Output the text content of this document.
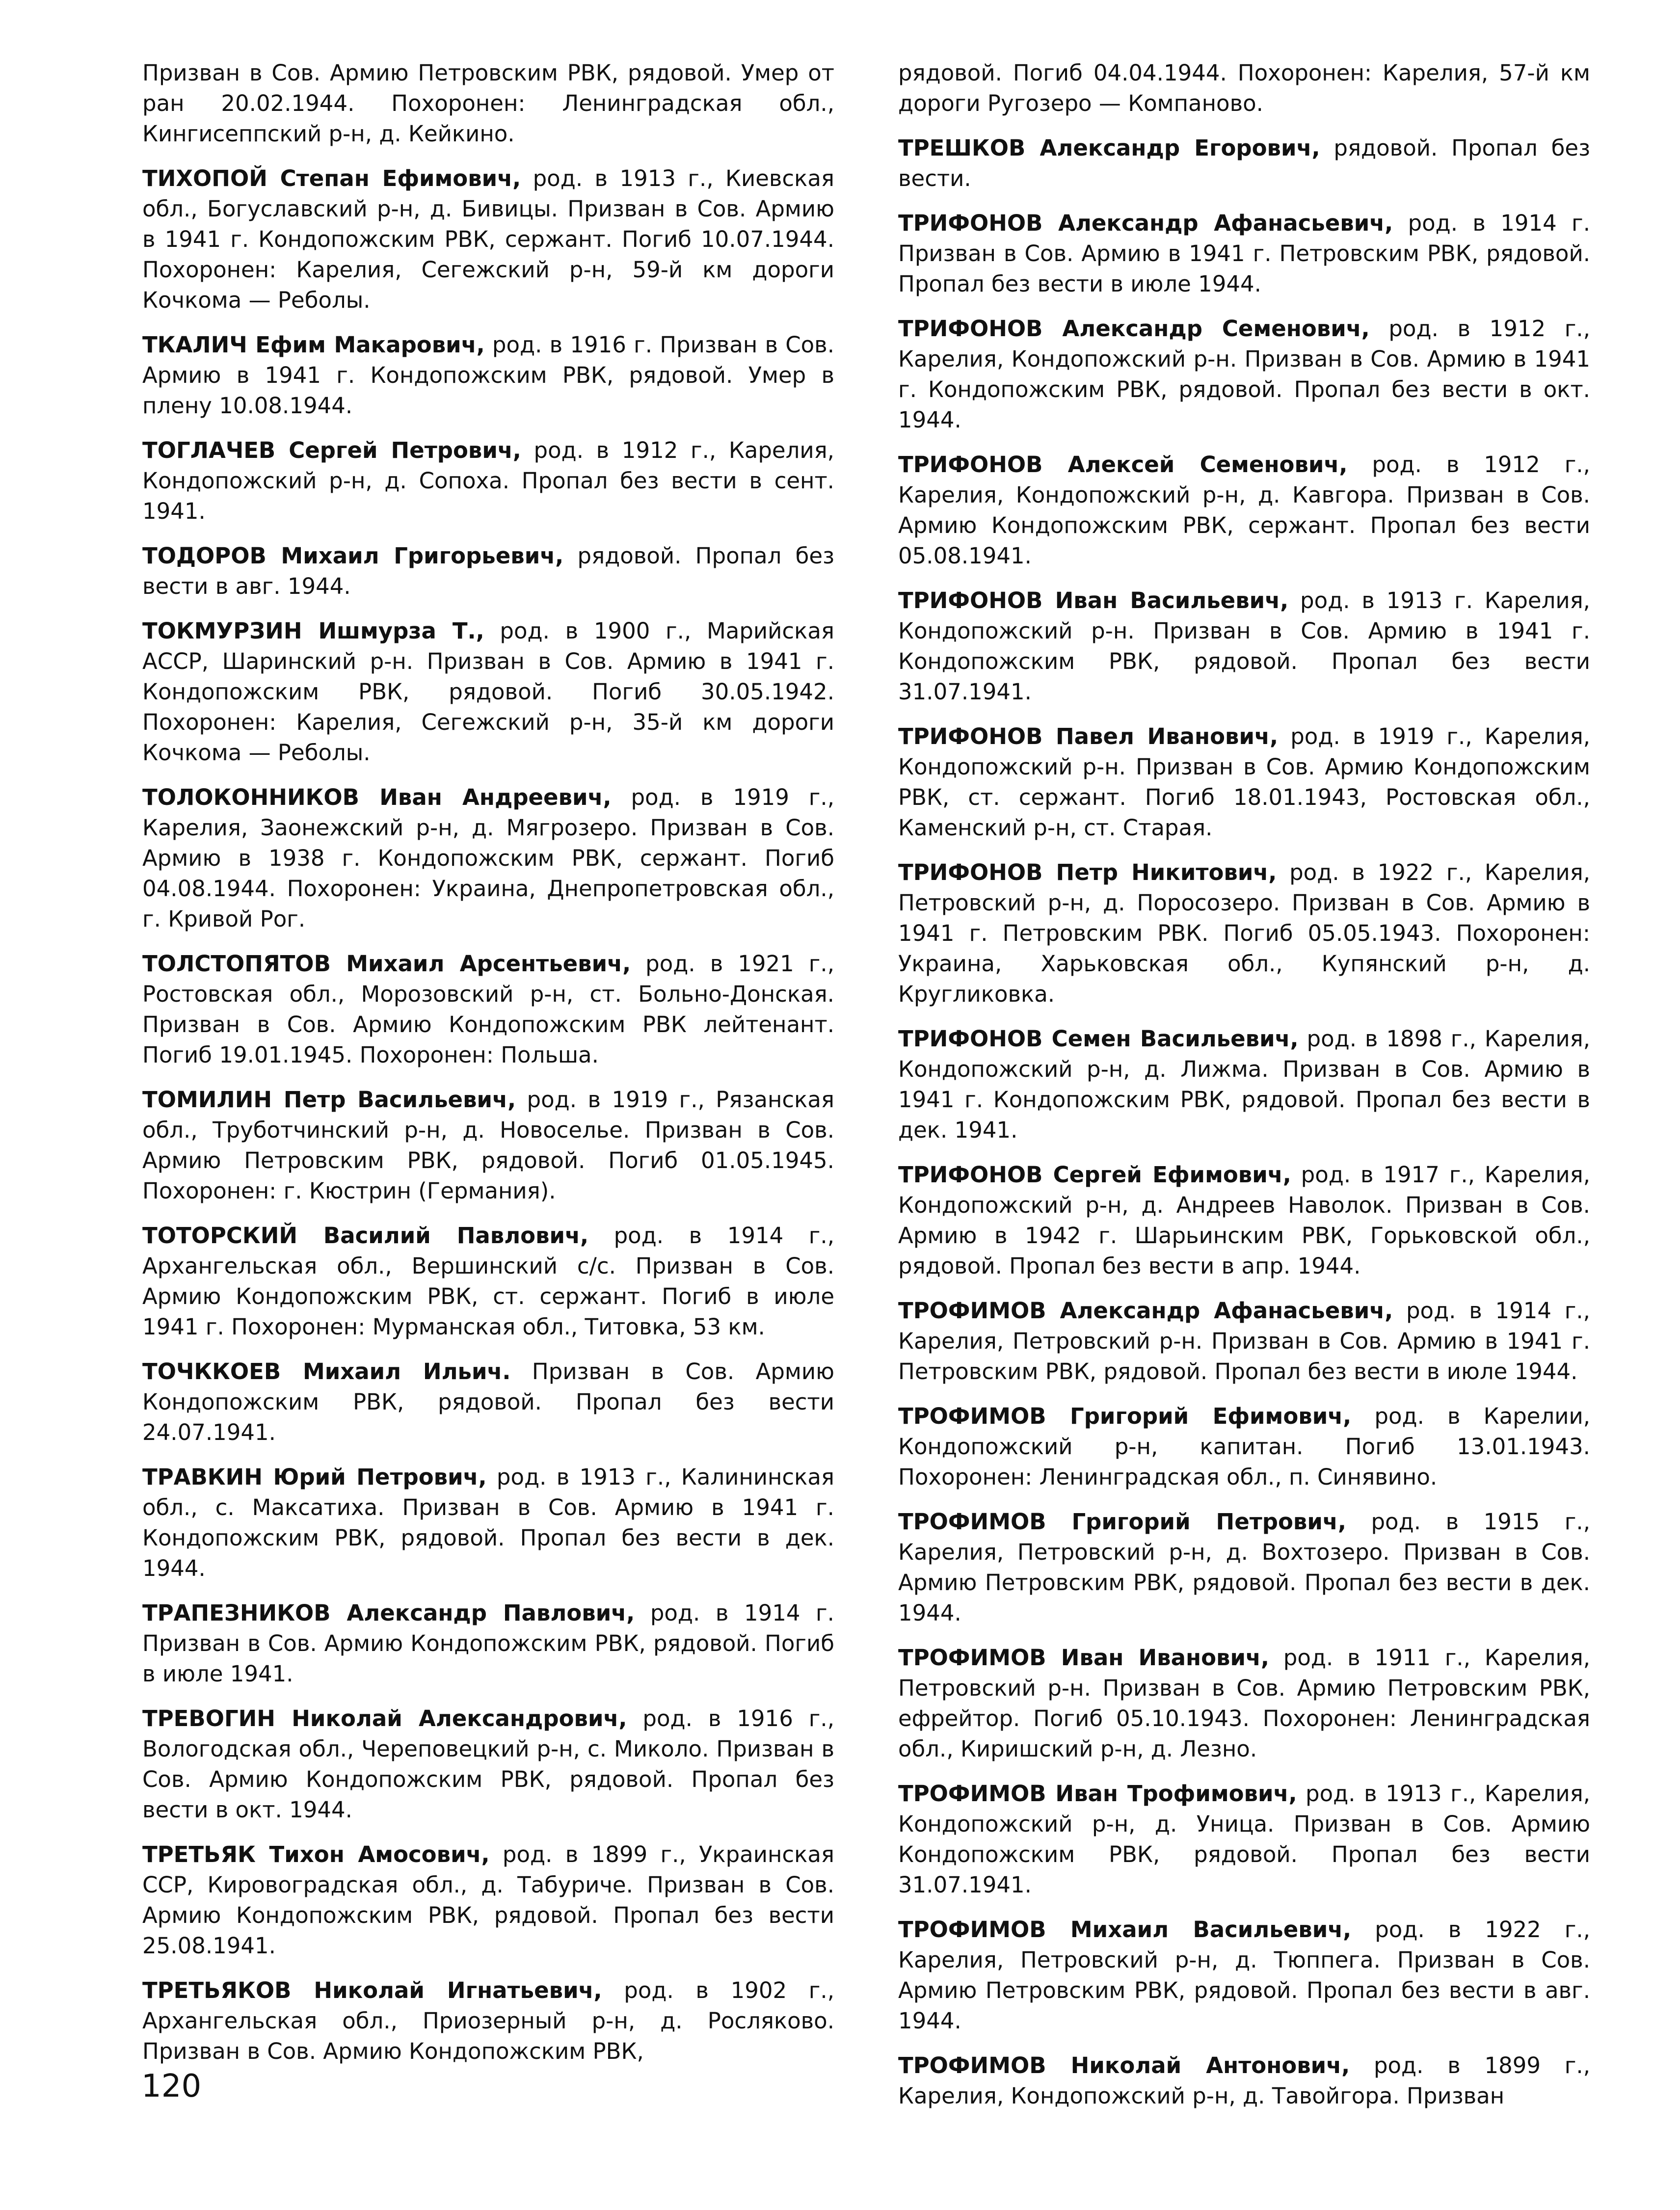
Призван в Сов. Армию Петровским РВК, рядовой. Умер от ран 20.02.1944. Похоронен: Ленинградская обл., Кингисеппский р-н, д. Кейкино.

ТИХОПОЙ Степан Ефимович, род. в 1913 г., Киевская обл., Богуславский р-н, д. Бивицы. Призван в Сов. Армию в 1941 г. Кондопожским РВК, сержант. Погиб 10.07.1944. Похоронен: Карелия, Сегежский р-н, 59-й км дороги Кочкома — Реболы.

ТКАЛИЧ Ефим Макарович, род. в 1916 г. Призван в Сов. Армию в 1941 г. Кондопожским РВК, рядовой. Умер в плену 10.08.1944.

ТОГЛАЧЕВ Сергей Петрович, род. в 1912 г., Карелия, Кондопожский р-н, д. Сопоха. Пропал без вести в сент. 1941.

ТОДОРОВ Михаил Григорьевич, рядовой. Пропал без вести в авг. 1944.

ТОКМУРЗИН Ишмурза Т., род. в 1900 г., Марийская АССР, Шаринский р-н. Призван в Сов. Армию в 1941 г. Кондопожским РВК, рядовой. Погиб 30.05.1942. Похоронен: Карелия, Сегежский р-н, 35-й км дороги Кочкома — Реболы.

ТОЛОКОННИКОВ Иван Андреевич, род. в 1919 г., Карелия, Заонежский р-н, д. Мягрозеро. Призван в Сов. Армию в 1938 г. Кондопожским РВК, сержант. Погиб 04.08.1944. Похоронен: Украина, Днепропетровская обл., г. Кривой Рог.

ТОЛСТОПЯТОВ Михаил Арсентьевич, род. в 1921 г., Ростовская обл., Морозовский р-н, ст. Больно-Донская. Призван в Сов. Армию Кондопожским РВК лейтенант. Погиб 19.01.1945. Похоронен: Польша.

ТОМИЛИН Петр Васильевич, род. в 1919 г., Рязанская обл., Труботчинский р-н, д. Новоселье. Призван в Сов. Армию Петровским РВК, рядовой. Погиб 01.05.1945. Похоронен: г. Кюстрин (Германия).

ТОТОРСКИЙ Василий Павлович, род. в 1914 г., Архангельская обл., Вершинский с/с. Призван в Сов. Армию Кондопожским РВК, ст. сержант. Погиб в июле 1941 г. Похоронен: Мурманская обл., Титовка, 53 км.

ТОЧККОЕВ Михаил Ильич. Призван в Сов. Армию Кондопожским РВК, рядовой. Пропал без вести 24.07.1941.

ТРАВКИН Юрий Петрович, род. в 1913 г., Калининская обл., с. Максатиха. Призван в Сов. Армию в 1941 г. Кондопожским РВК, рядовой. Пропал без вести в дек. 1944.

ТРАПЕЗНИКОВ Александр Павлович, род. в 1914 г. Призван в Сов. Армию Кондопожским РВК, рядовой. Погиб в июле 1941.

ТРЕВОГИН Николай Александрович, род. в 1916 г., Вологодская обл., Череповецкий р-н, с. Миколо. Призван в Сов. Армию Кондопожским РВК, рядовой. Пропал без вести в окт. 1944.

ТРЕТЬЯК Тихон Амосович, род. в 1899 г., Украинская ССР, Кировоградская обл., д. Табуриче. Призван в Сов. Армию Кондопожским РВК, рядовой. Пропал без вести 25.08.1941.

ТРЕТЬЯКОВ Николай Игнатьевич, род. в 1902 г., Архангельская обл., Приозерный р-н, д. Росляково. Призван в Сов. Армию Кондопожским РВК,

рядовой. Погиб 04.04.1944. Похоронен: Карелия, 57-й км дороги Ругозеро — Компаново.

ТРЕШКОВ Александр Егорович, рядовой. Пропал без вести.

ТРИФОНОВ Александр Афанасьевич, род. в 1914 г. Призван в Сов. Армию в 1941 г. Петровским РВК, рядовой. Пропал без вести в июле 1944.

ТРИФОНОВ Александр Семенович, род. в 1912 г., Карелия, Кондопожский р-н. Призван в Сов. Армию в 1941 г. Кондопожским РВК, рядовой. Пропал без вести в окт. 1944.

ТРИФОНОВ Алексей Семенович, род. в 1912 г., Карелия, Кондопожский р-н, д. Кавгора. Призван в Сов. Армию Кондопожским РВК, сержант. Пропал без вести 05.08.1941.

ТРИФОНОВ Иван Васильевич, род. в 1913 г. Карелия, Кондопожский р-н. Призван в Сов. Армию в 1941 г. Кондопожским РВК, рядовой. Пропал без вести 31.07.1941.

ТРИФОНОВ Павел Иванович, род. в 1919 г., Карелия, Кондопожский р-н. Призван в Сов. Армию Кондопожским РВК, ст. сержант. Погиб 18.01.1943, Ростовская обл., Каменский р-н, ст. Старая.

ТРИФОНОВ Петр Никитович, род. в 1922 г., Карелия, Петровский р-н, д. Поросозеро. Призван в Сов. Армию в 1941 г. Петровским РВК. Погиб 05.05.1943. Похоронен: Украина, Харьковская обл., Купянский р-н, д. Кругликовка.

ТРИФОНОВ Семен Васильевич, род. в 1898 г., Карелия, Кондопожский р-н, д. Лижма. Призван в Сов. Армию в 1941 г. Кондопожским РВК, рядовой. Пропал без вести в дек. 1941.

ТРИФОНОВ Сергей Ефимович, род. в 1917 г., Карелия, Кондопожский р-н, д. Андреев Наволок. Призван в Сов. Армию в 1942 г. Шарьинским РВК, Горьковской обл., рядовой. Пропал без вести в апр. 1944.

ТРОФИМОВ Александр Афанасьевич, род. в 1914 г., Карелия, Петровский р-н. Призван в Сов. Армию в 1941 г. Петровским РВК, рядовой. Пропал без вести в июле 1944.

ТРОФИМОВ Григорий Ефимович, род. в Карелии, Кондопожский р-н, капитан. Погиб 13.01.1943. Похоронен: Ленинградская обл., п. Синявино.

ТРОФИМОВ Григорий Петрович, род. в 1915 г., Карелия, Петровский р-н, д. Вохтозеро. Призван в Сов. Армию Петровским РВК, рядовой. Пропал без вести в дек. 1944.

ТРОФИМОВ Иван Иванович, род. в 1911 г., Карелия, Петровский р-н. Призван в Сов. Армию Петровским РВК, ефрейтор. Погиб 05.10.1943. Похоронен: Ленинградская обл., Киришский р-н, д. Лезно.

ТРОФИМОВ Иван Трофимович, род. в 1913 г., Карелия, Кондопожский р-н, д. Уница. Призван в Сов. Армию Кондопожским РВК, рядовой. Пропал без вести 31.07.1941.

ТРОФИМОВ Михаил Васильевич, род. в 1922 г., Карелия, Петровский р-н, д. Тюппега. Призван в Сов. Армию Петровским РВК, рядовой. Пропал без вести в авг. 1944.

ТРОФИМОВ Николай Антонович, род. в 1899 г., Карелия, Кондопожский р-н, д. Тавойгора. Призван

120
